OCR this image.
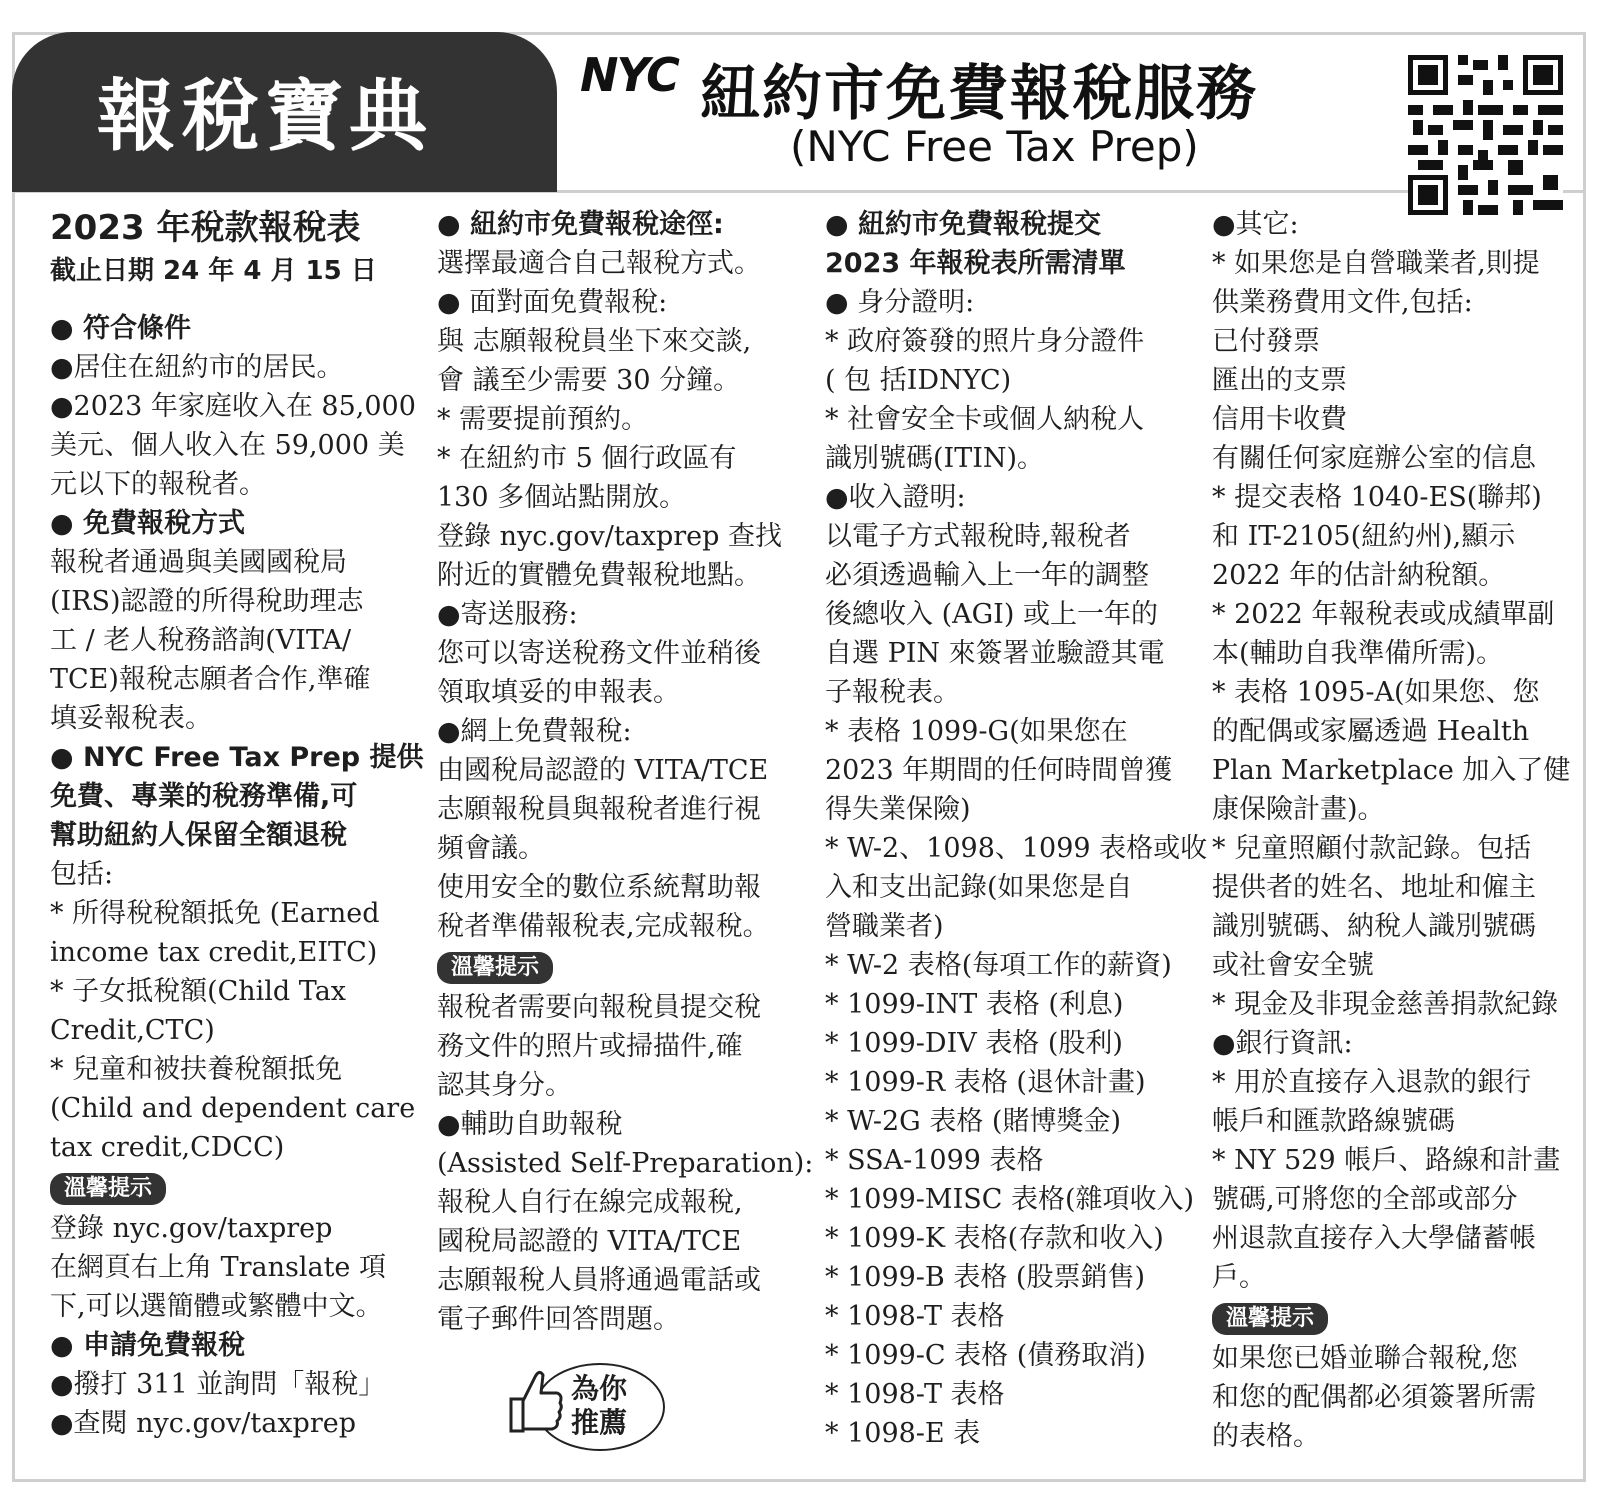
報稅寶典	NYC 紐約市免費報稅服務
(NYC Free Tax Prep)
2023 年稅款報稅表
截止日期 24 年 4 月 15 日
● 符合條件
●居住在紐約市的居民。
●2023 年家庭收入在 85,000
美元、個人收入在 59,000 美
元以下的報稅者。
● 免費報稅方式
報稅者通過與美國國稅局
(IRS)認證的所得稅助理志
工 / 老人稅務諮詢(VITA/
TCE)報稅志願者合作,準確
填妥報稅表。
● NYC Free Tax Prep 提供
免費、專業的稅務準備,可
幫助紐約人保留全額退稅
包括:
* 所得稅稅額抵免 (Earned
income tax credit,EITC)
* 子女抵稅額(Child Tax
Credit,CTC)
* 兒童和被扶養稅額抵免
(Child and dependent care
tax credit,CDCC)
溫馨提示
登錄 nyc.gov/taxprep
在網頁右上角 Translate 項
下,可以選簡體或繁體中文。
● 申請免費報稅
●撥打 311 並詢問「報稅」
●查閱 nyc.gov/taxprep
● 紐約市免費報稅途徑:
選擇最適合自己報稅方式。
● 面對面免費報稅:
與 志願報稅員坐下來交談,
會 議至少需要 30 分鐘。
* 需要提前預約。
* 在紐約市 5 個行政區有
130 多個站點開放。
登錄 nyc.gov/taxprep 查找
附近的實體免費報稅地點。
●寄送服務:
您可以寄送稅務文件並稍後
領取填妥的申報表。
●網上免費報稅:
由國稅局認證的 VITA/TCE
志願報稅員與報稅者進行視
頻會議。
使用安全的數位系統幫助報
稅者準備報稅表,完成報稅。
溫馨提示
報稅者需要向報稅員提交稅
務文件的照片或掃描件,確
認其身分。
●輔助自助報稅
(Assisted Self-Preparation):
報稅人自行在線完成報稅,
國稅局認證的 VITA/TCE
志願報稅人員將通過電話或
電子郵件回答問題。
為你
推薦
● 紐約市免費報稅提交
2023 年報稅表所需清單
● 身分證明:
* 政府簽發的照片身分證件
( 包 括IDNYC)
* 社會安全卡或個人納稅人
識別號碼(ITIN)。
●收入證明:
以電子方式報稅時,報稅者
必須透過輸入上一年的調整
後總收入 (AGI) 或上一年的
自選 PIN 來簽署並驗證其電
子報稅表。
* 表格 1099-G(如果您在
2023 年期間的任何時間曾獲
得失業保險)
* W-2、1098、1099 表格或收
入和支出記錄(如果您是自
營職業者)
* W-2 表格(每項工作的薪資)
* 1099-INT 表格 (利息)
* 1099-DIV 表格 (股利)
* 1099-R 表格 (退休計畫)
* W-2G 表格 (賭博獎金)
* SSA-1099 表格
* 1099-MISC 表格(雜項收入)
* 1099-K 表格(存款和收入)
* 1099-B 表格 (股票銷售)
* 1098-T 表格
* 1099-C 表格 (債務取消)
* 1098-T 表格
* 1098-E 表
●其它:
* 如果您是自營職業者,則提
供業務費用文件,包括:
已付發票
匯出的支票
信用卡收費
有關任何家庭辦公室的信息
* 提交表格 1040-ES(聯邦)
和 IT-2105(紐約州),顯示
2022 年的估計納稅額。
* 2022 年報稅表或成績單副
本(輔助自我準備所需)。
* 表格 1095-A(如果您、您
的配偶或家屬透過 Health
Plan Marketplace 加入了健
康保險計畫)。
* 兒童照顧付款記錄。包括
提供者的姓名、地址和僱主
識別號碼、納稅人識別號碼
或社會安全號
* 現金及非現金慈善捐款紀錄
●銀行資訊:
* 用於直接存入退款的銀行
帳戶和匯款路線號碼
* NY 529 帳戶、路線和計畫
號碼,可將您的全部或部分
州退款直接存入大學儲蓄帳
戶。
溫馨提示
如果您已婚並聯合報稅,您
和您的配偶都必須簽署所需
的表格。
